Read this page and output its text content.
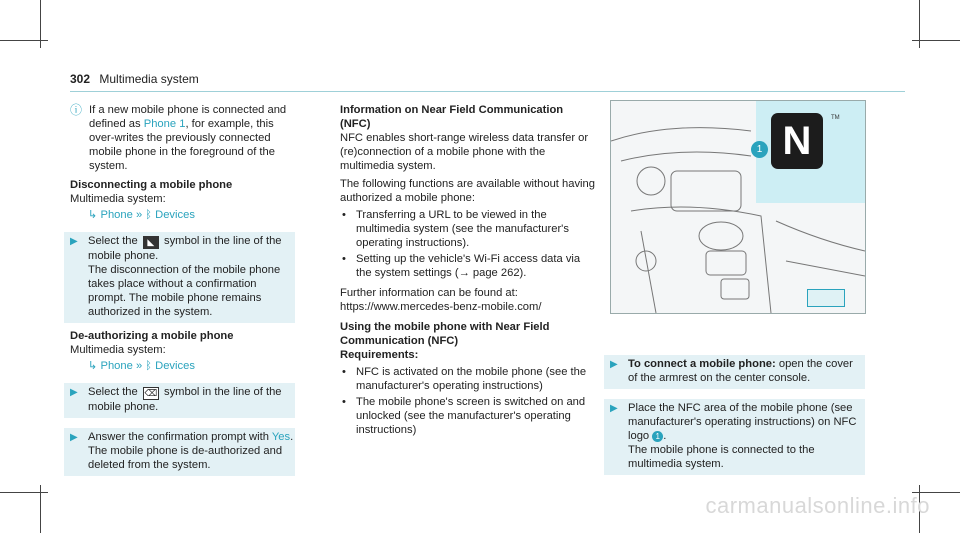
302 Multimedia system
ⓘ If a new mobile phone is connected and defined as Phone 1, for example, this over-writes the previously connected mobile phone in the foreground of the system.
Disconnecting a mobile phone
Multimedia system:
↳ Phone » ᛒ Devices
▶ Select the ◣ symbol in the line of the mobile phone.
The disconnection of the mobile phone takes place without a confirmation prompt. The mobile phone remains authorized in the system.
De-authorizing a mobile phone
Multimedia system:
↳ Phone » ᛒ Devices
▶ Select the ⌫ symbol in the line of the mobile phone.
▶ Answer the confirmation prompt with Yes.
The mobile phone is de-authorized and deleted from the system.
Information on Near Field Communication (NFC)

NFC enables short-range wireless data transfer or (re)connection of a mobile phone with the multimedia system.

The following functions are available without having authorized a mobile phone:

• Transferring a URL to be viewed in the multimedia system (see the manufacturer's operating instructions).
• Setting up the vehicle's Wi-Fi access data via the system settings (→ page 262).

Further information can be found at: https://www.mercedes-benz-mobile.com/

Using the mobile phone with Near Field Communication (NFC)
Requirements:
• NFC is activated on the mobile phone (see the manufacturer's operating instructions)
• The mobile phone's screen is switched on and unlocked (see the manufacturer's operating instructions)
N
TM
1
▶ To connect a mobile phone: open the cover of the armrest on the center console.
▶ Place the NFC area of the mobile phone (see manufacturer's operating instructions) on NFC logo 1 .
The mobile phone is connected to the multimedia system.
carmanualsonline.info
